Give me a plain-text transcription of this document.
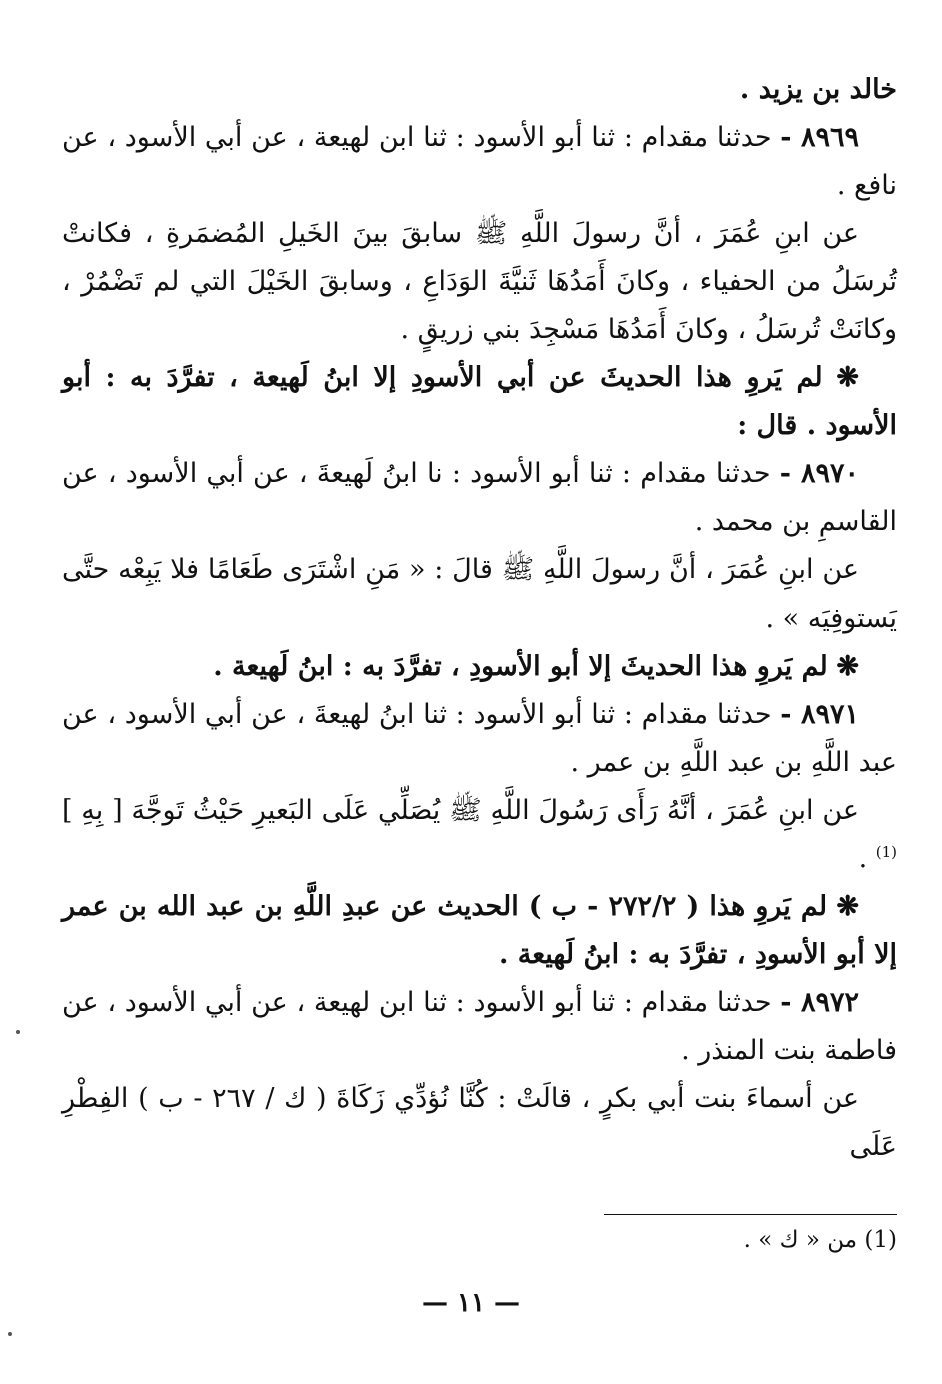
خالد بن يزيد .

٨٩٦٩ - حدثنا مقدام : ثنا أبو الأسود : ثنا ابن لهيعة ، عن أبي الأسود ، عن نافع .

عن ابنِ عُمَرَ ، أنَّ رسولَ اللَّهِ ﷺ سابقَ بينَ الخَيلِ المُضمَرةِ ، فكانتْ تُرسَلُ من الحفياء ، وكانَ أَمَدُهَا ثَنيَّةَ الوَدَاعِ ، وسابقَ الخَيْلَ التي لم تَضْمُرْ ، وكانَتْ تُرسَلُ ، وكانَ أَمَدُهَا مَسْجِدَ بني زريقٍ .

❋ لم يَروِ هذا الحديثَ عن أبي الأسودِ إلا ابنُ لَهيعة ، تفرَّدَ به : أبو الأسود . قال :

٨٩٧٠ - حدثنا مقدام : ثنا أبو الأسود : نا ابنُ لَهيعةَ ، عن أبي الأسود ، عن القاسمِ بن محمد .

عن ابنِ عُمَرَ ، أنَّ رسولَ اللَّهِ ﷺ قالَ : « مَنِ اشْتَرَى طَعَامًا فلا يَبِعْه حتَّى يَستوفِيَه » .

❋ لم يَروِ هذا الحديثَ إلا أبو الأسودِ ، تفرَّدَ به : ابنُ لَهيعة .

٨٩٧١ - حدثنا مقدام : ثنا أبو الأسود : ثنا ابنُ لهيعةَ ، عن أبي الأسود ، عن عبد اللَّهِ بن عبد اللَّهِ بن عمر .

عن ابنِ عُمَرَ ، أنَّهُ رَأَى رَسُولَ اللَّهِ ﷺ يُصَلِّي عَلَى البَعيرِ حَيْثُ تَوجَّهَ [ بِهِ ]$^{(1)}$ .

❋ لم يَروِ هذا ( ٢٧٢/٢ - ب ) الحديث عن عبدِ اللَّهِ بن عبد الله بن عمر إلا أبو الأسودِ ، تفرَّدَ به : ابنُ لَهيعة .

٨٩٧٢ - حدثنا مقدام : ثنا أبو الأسود : ثنا ابن لهيعة ، عن أبي الأسود ، عن فاطمة بنت المنذر .

عن أسماءَ بنت أبي بكرٍ ، قالَتْ : كُنَّا نُؤدِّي زَكَاةَ ( ك / ٢٦٧ - ب ) الفِطْرِ عَلَى

(1) من « ك » .
— ١١ —
